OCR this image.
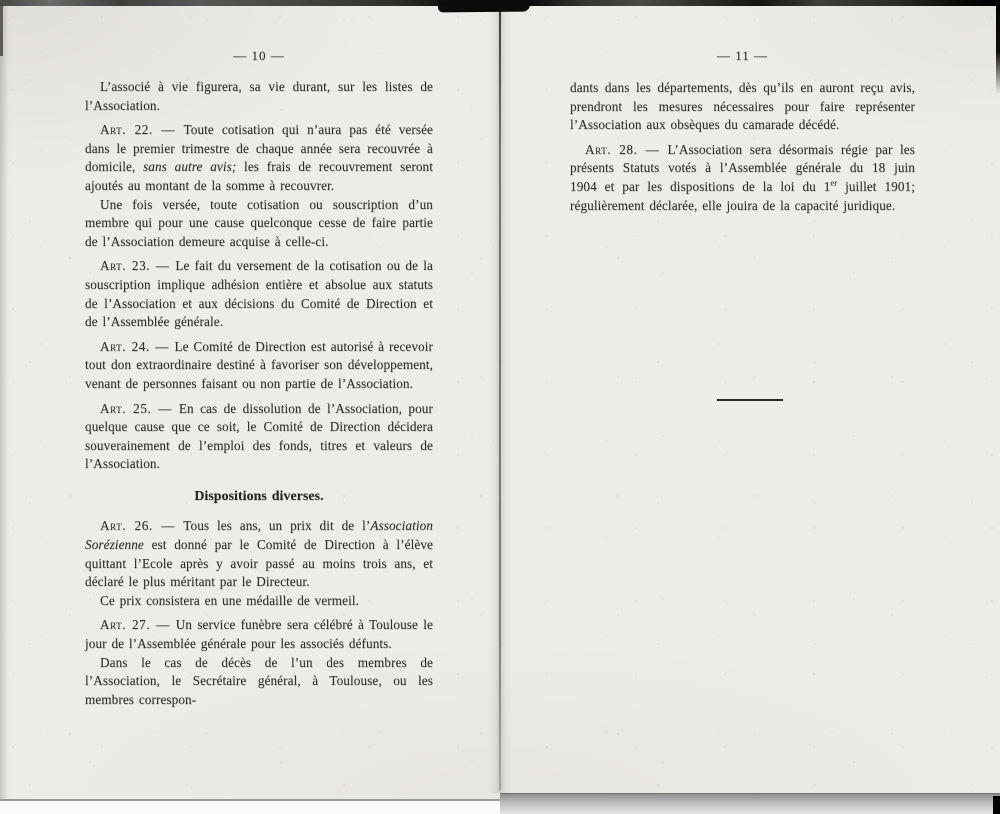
— 10 —	— 11 —

L’associé à vie figurera, sa vie durant, sur les listes de l’Association.

Art. 22. — Toute cotisation qui n’aura pas été versée dans le premier trimestre de chaque année sera recouvrée à domicile, sans autre avis; les frais de recouvrement seront ajoutés au montant de la somme à recouvrer.

Une fois versée, toute cotisation ou souscription d’un membre qui pour une cause quelconque cesse de faire partie de l’Association demeure acquise à celle-ci.

Art. 23. — Le fait du versement de la cotisation ou de la souscription implique adhésion entière et absolue aux statuts de l’Association et aux décisions du Comité de Direction et de l’Assemblée générale.

Art. 24. — Le Comité de Direction est autorisé à recevoir tout don extraordinaire destiné à favoriser son développement, venant de personnes faisant ou non partie de l’Association.

Art. 25. — En cas de dissolution de l’Association, pour quelque cause que ce soit, le Comité de Direction décidera souverainement de l’emploi des fonds, titres et valeurs de l’Association.

Dispositions diverses.

Art. 26. — Tous les ans, un prix dit de l’Association Sorézienne est donné par le Comité de Direction à l’élève quittant l’Ecole après y avoir passé au moins trois ans, et déclaré le plus méritant par le Directeur.

Ce prix consistera en une médaille de vermeil.

Art. 27. — Un service funèbre sera célébré à Toulouse le jour de l’Assemblée générale pour les associés défunts.

Dans le cas de décès de l’un des membres de l’Association, le Secrétaire général, à Toulouse, ou les membres correspon-

dants dans les départements, dès qu’ils en auront reçu avis, prendront les mesures nécessaires pour faire représenter l’Association aux obsèques du camarade décédé.

Art. 28. — L’Association sera désormais régie par les présents Statuts votés à l’Assemblée générale du 18 juin 1904 et par les dispositions de la loi du 1er juillet 1901; régulièrement déclarée, elle jouira de la capacité juridique.
